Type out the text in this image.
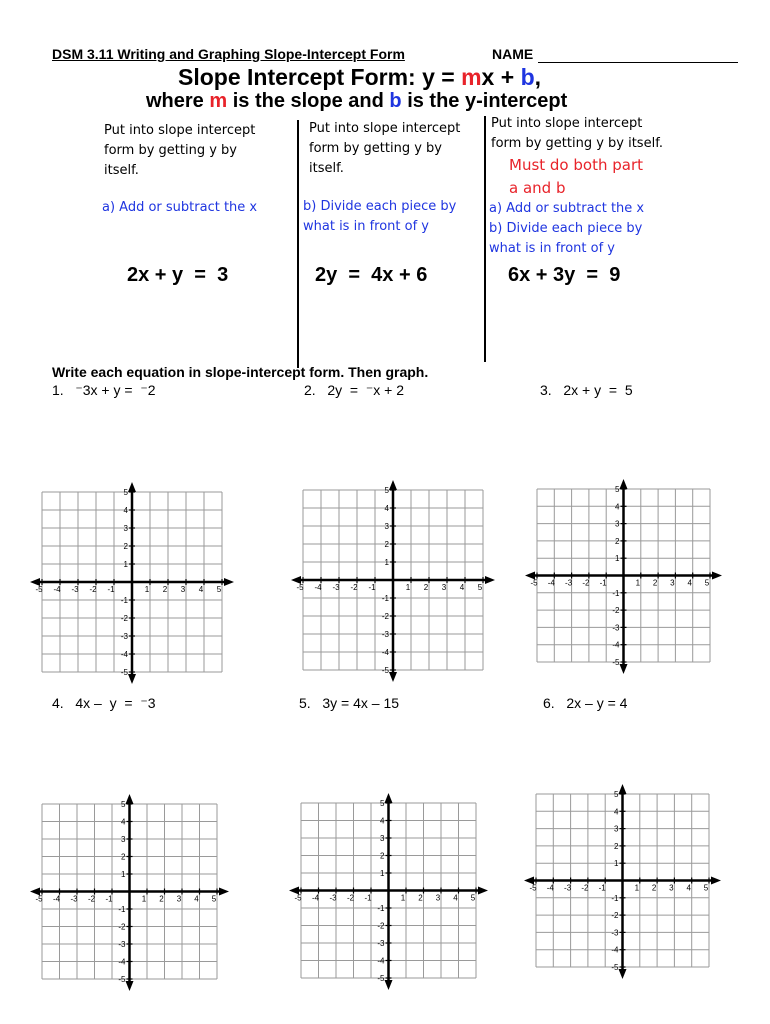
DSM 3.11 Writing and Graphing Slope-Intercept Form	NAME
Slope Intercept Form: y = mx + b,
where m is the slope and b is the y-intercept
Put into slope intercept
form by getting y by
itself.
a) Add or subtract the x
2x + y  =  3
Put into slope intercept
form by getting y by
itself.
b) Divide each piece by
what is in front of y
2y  =  4x + 6
Put into slope intercept
form by getting y by itself.
Must do both part
a and b
a) Add or subtract the x
b) Divide each piece by
what is in front of y
6x + 3y  =  9
Write each equation in slope-intercept form. Then graph.
1.   ⁻3x + y =  ⁻2	2.   2y  =  ⁻x + 2	3.   2x + y  =  5
4.   4x –  y  =  ⁻3	5.   3y = 4x – 15	6.   2x – y = 4
-5 -4 -3 -2 -1	1 2 3 4 5
5
4
3
2
1
-1
-2
-3
-4
-5
-5 -4 -3 -2 -1	1 2 3 4 5
5
4
3
2
1
-1
-2
-3
-4
-5
-5 -4 -3 -2 -1	1 2 3 4 5
5
4
3
2
1
-1
-2
-3
-4
-5
-5 -4 -3 -2 -1	1 2 3 4 5
5
4
3
2
1
-1
-2
-3
-4
-5
-5 -4 -3 -2 -1	1 2 3 4 5
5
4
3
2
1
-1
-2
-3
-4
-5
-5 -4 -3 -2 -1	1 2 3 4 5
5
4
3
2
1
-1
-2
-3
-4
-5
